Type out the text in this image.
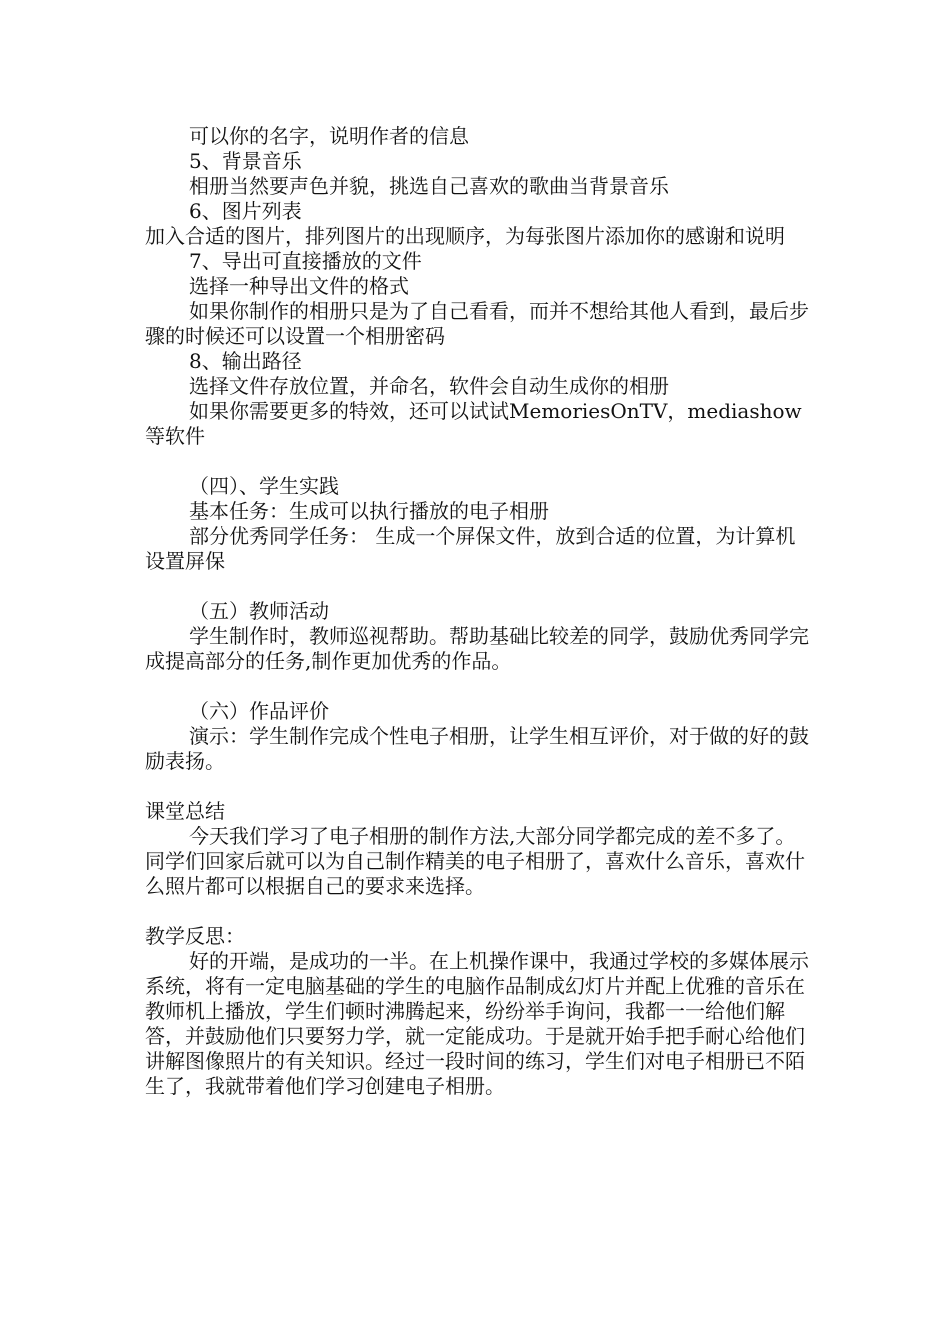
可以你的名字，说明作者的信息

5、背景音乐

相册当然要声色并貌，挑选自己喜欢的歌曲当背景音乐

6、图片列表

加入合适的图片，排列图片的出现顺序，为每张图片添加你的感谢和说明

7、导出可直接播放的文件

选择一种导出文件的格式

如果你制作的相册只是为了自己看看，而并不想给其他人看到，最后步骤的时候还可以设置一个相册密码

8、输出路径

选择文件存放位置，并命名，软件会自动生成你的相册

如果你需要更多的特效，还可以试试MemoriesOnTV，mediashow等软件

（四）、学生实践

基本任务：生成可以执行播放的电子相册

部分优秀同学任务： 生成一个屏保文件，放到合适的位置，为计算机设置屏保

（五）教师活动

学生制作时，教师巡视帮助。帮助基础比较差的同学，鼓励优秀同学完成提高部分的任务,制作更加优秀的作品。

（六）作品评价

演示：学生制作完成个性电子相册，让学生相互评价，对于做的好的鼓励表扬。

课堂总结

今天我们学习了电子相册的制作方法,大部分同学都完成的差不多了。同学们回家后就可以为自己制作精美的电子相册了，喜欢什么音乐，喜欢什么照片都可以根据自己的要求来选择。

教学反思：

好的开端，是成功的一半。在上机操作课中，我通过学校的多媒体展示系统，将有一定电脑基础的学生的电脑作品制成幻灯片并配上优雅的音乐在教师机上播放，学生们顿时沸腾起来，纷纷举手询问，我都一一给他们解答，并鼓励他们只要努力学，就一定能成功。于是就开始手把手耐心给他们讲解图像照片的有关知识。经过一段时间的练习，学生们对电子相册已不陌生了，我就带着他们学习创建电子相册。
